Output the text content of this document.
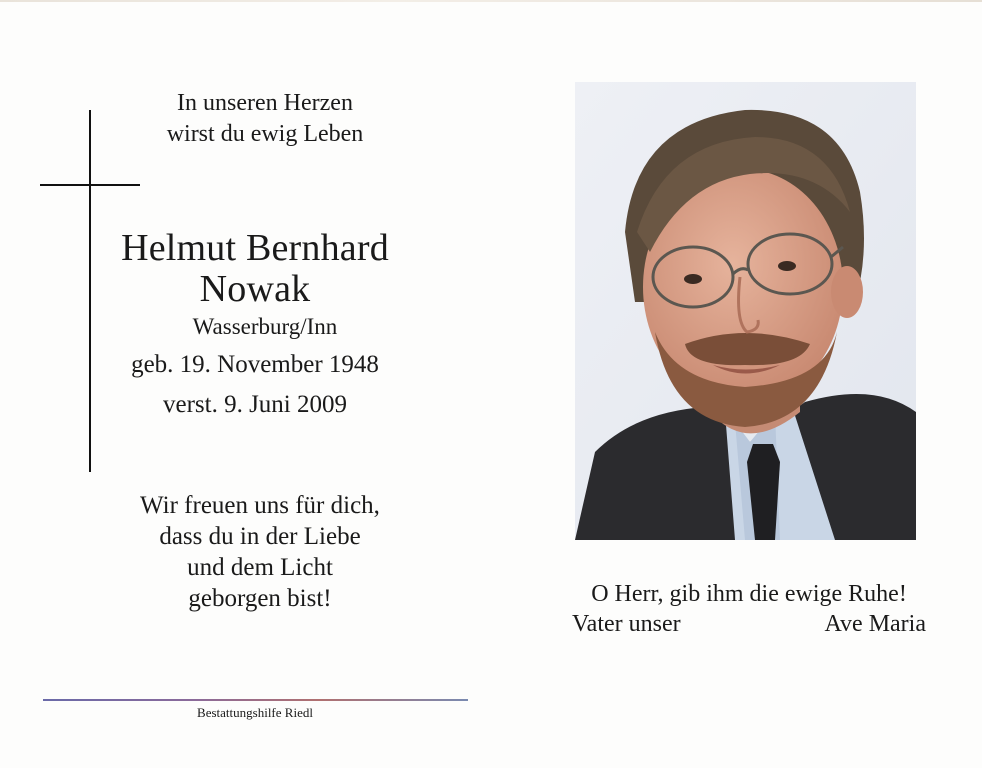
In unseren Herzen
wirst du ewig Leben
Helmut Bernhard
Nowak
Wasserburg/Inn
geb. 19. November 1948
verst. 9. Juni 2009
Wir freuen uns für dich,
dass du in der Liebe
und dem Licht
geborgen bist!
Bestattungshilfe Riedl
O Herr, gib ihm die ewige Ruhe!
Vater unser	Ave Maria
